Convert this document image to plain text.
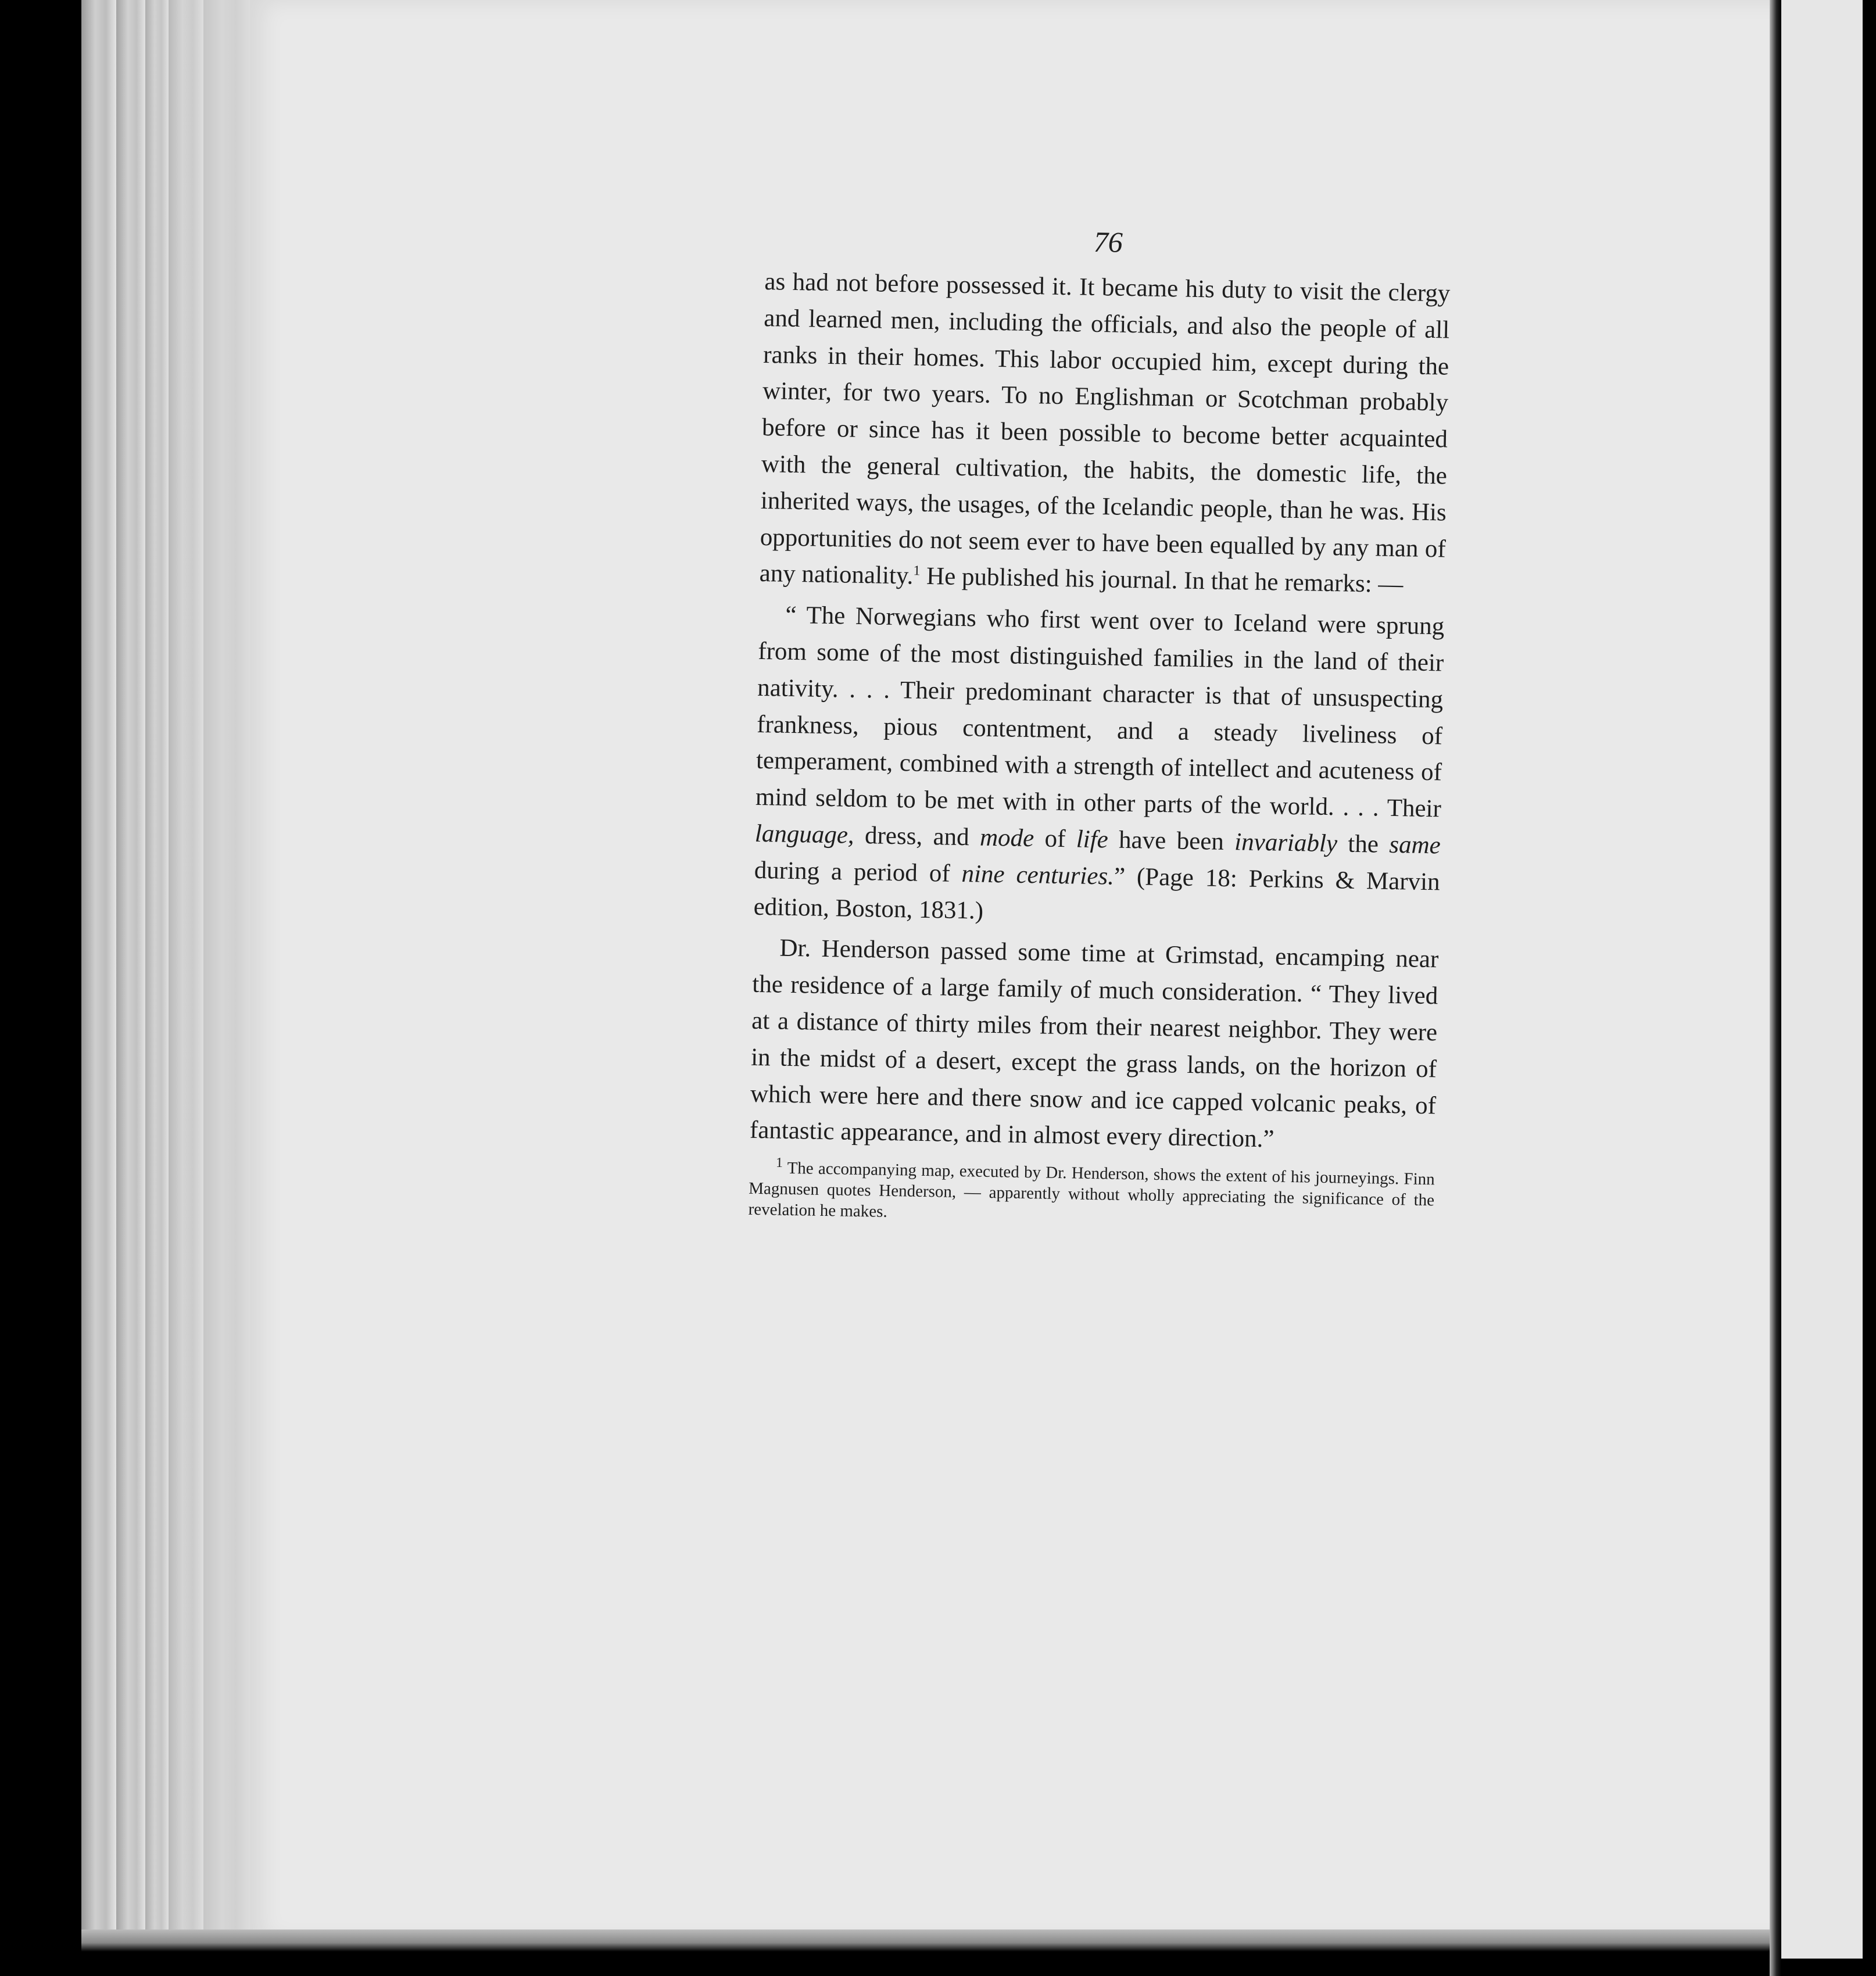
76

as had not before possessed it. It became his duty to visit the clergy and learned men, including the officials, and also the people of all ranks in their homes. This labor occupied him, except during the winter, for two years. To no Englishman or Scotchman probably before or since has it been possible to become better acquainted with the general cultivation, the habits, the domestic life, the inherited ways, the usages, of the Icelandic people, than he was. His opportunities do not seem ever to have been equalled by any man of any nationality.$^1$ He published his journal. In that he remarks: —

“ The Norwegians who first went over to Iceland were sprung from some of the most distinguished families in the land of their nativity. . . . Their predominant character is that of unsuspecting frankness, pious contentment, and a steady liveliness of temperament, combined with a strength of intellect and acuteness of mind seldom to be met with in other parts of the world. . . . Their language, dress, and mode of life have been invariably the same during a period of nine centuries.” (Page 18: Perkins & Marvin edition, Boston, 1831.)

Dr. Henderson passed some time at Grimstad, encamping near the residence of a large family of much consideration. “ They lived at a distance of thirty miles from their nearest neighbor. They were in the midst of a desert, except the grass lands, on the horizon of which were here and there snow and ice capped volcanic peaks, of fantastic appearance, and in almost every direction.”

$^1$ The accompanying map, executed by Dr. Henderson, shows the extent of his journeyings. Finn Magnusen quotes Henderson, — apparently without wholly appreciating the significance of the revelation he makes.
